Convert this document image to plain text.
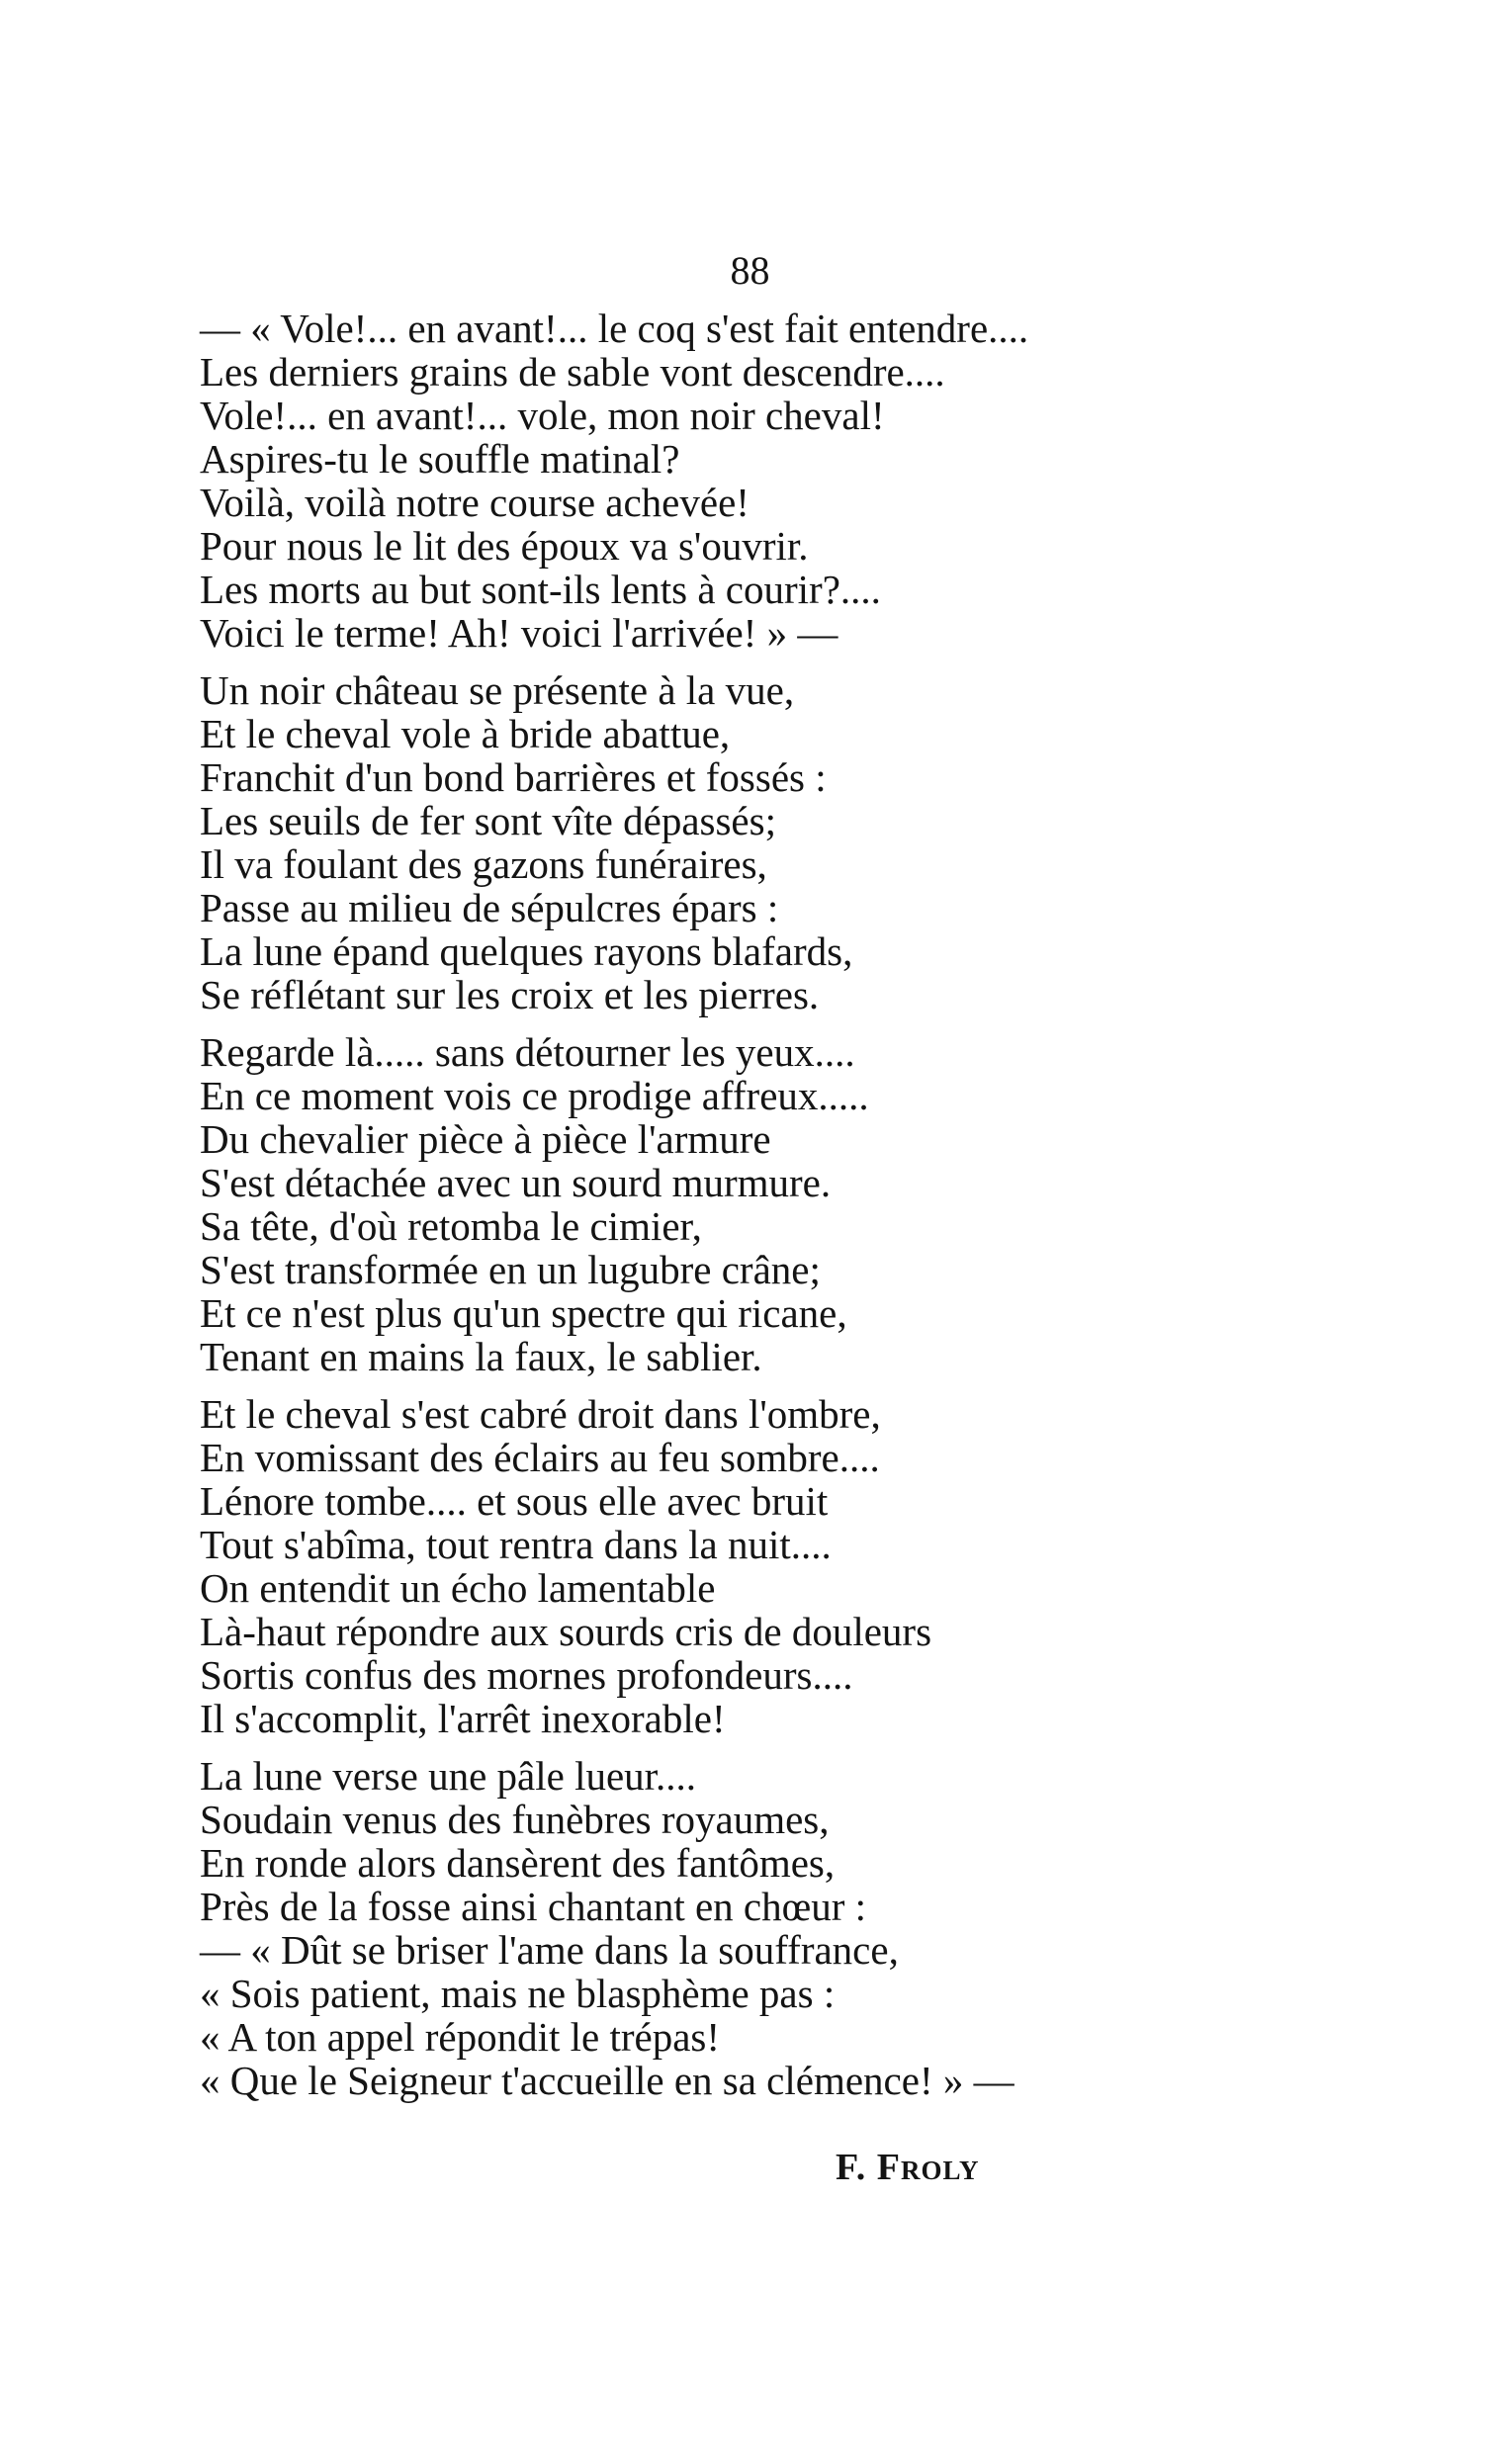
88
— « Vole!... en avant!... le coq s'est fait entendre....
Les derniers grains de sable vont descendre....
Vole!... en avant!... vole, mon noir cheval!
Aspires-tu le souffle matinal?
Voilà, voilà notre course achevée!
Pour nous le lit des époux va s'ouvrir.
Les morts au but sont-ils lents à courir?....
Voici le terme! Ah! voici l'arrivée! » —
Un noir château se présente à la vue,
Et le cheval vole à bride abattue,
Franchit d'un bond barrières et fossés :
Les seuils de fer sont vîte dépassés;
Il va foulant des gazons funéraires,
Passe au milieu de sépulcres épars :
La lune épand quelques rayons blafards,
Se réflétant sur les croix et les pierres.
Regarde là..... sans détourner les yeux....
En ce moment vois ce prodige affreux.....
Du chevalier pièce à pièce l'armure
S'est détachée avec un sourd murmure.
Sa tête, d'où retomba le cimier,
S'est transformée en un lugubre crâne;
Et ce n'est plus qu'un spectre qui ricane,
Tenant en mains la faux, le sablier.
Et le cheval s'est cabré droit dans l'ombre,
En vomissant des éclairs au feu sombre....
Lénore tombe.... et sous elle avec bruit
Tout s'abîma, tout rentra dans la nuit....
On entendit un écho lamentable
Là-haut répondre aux sourds cris de douleurs
Sortis confus des mornes profondeurs....
Il s'accomplit, l'arrêt inexorable!
La lune verse une pâle lueur....
Soudain venus des funèbres royaumes,
En ronde alors dansèrent des fantômes,
Près de la fosse ainsi chantant en chœur :
— « Dût se briser l'ame dans la souffrance,
« Sois patient, mais ne blasphème pas :
« A ton appel répondit le trépas!
« Que le Seigneur t'accueille en sa clémence! » —
F. Froly
